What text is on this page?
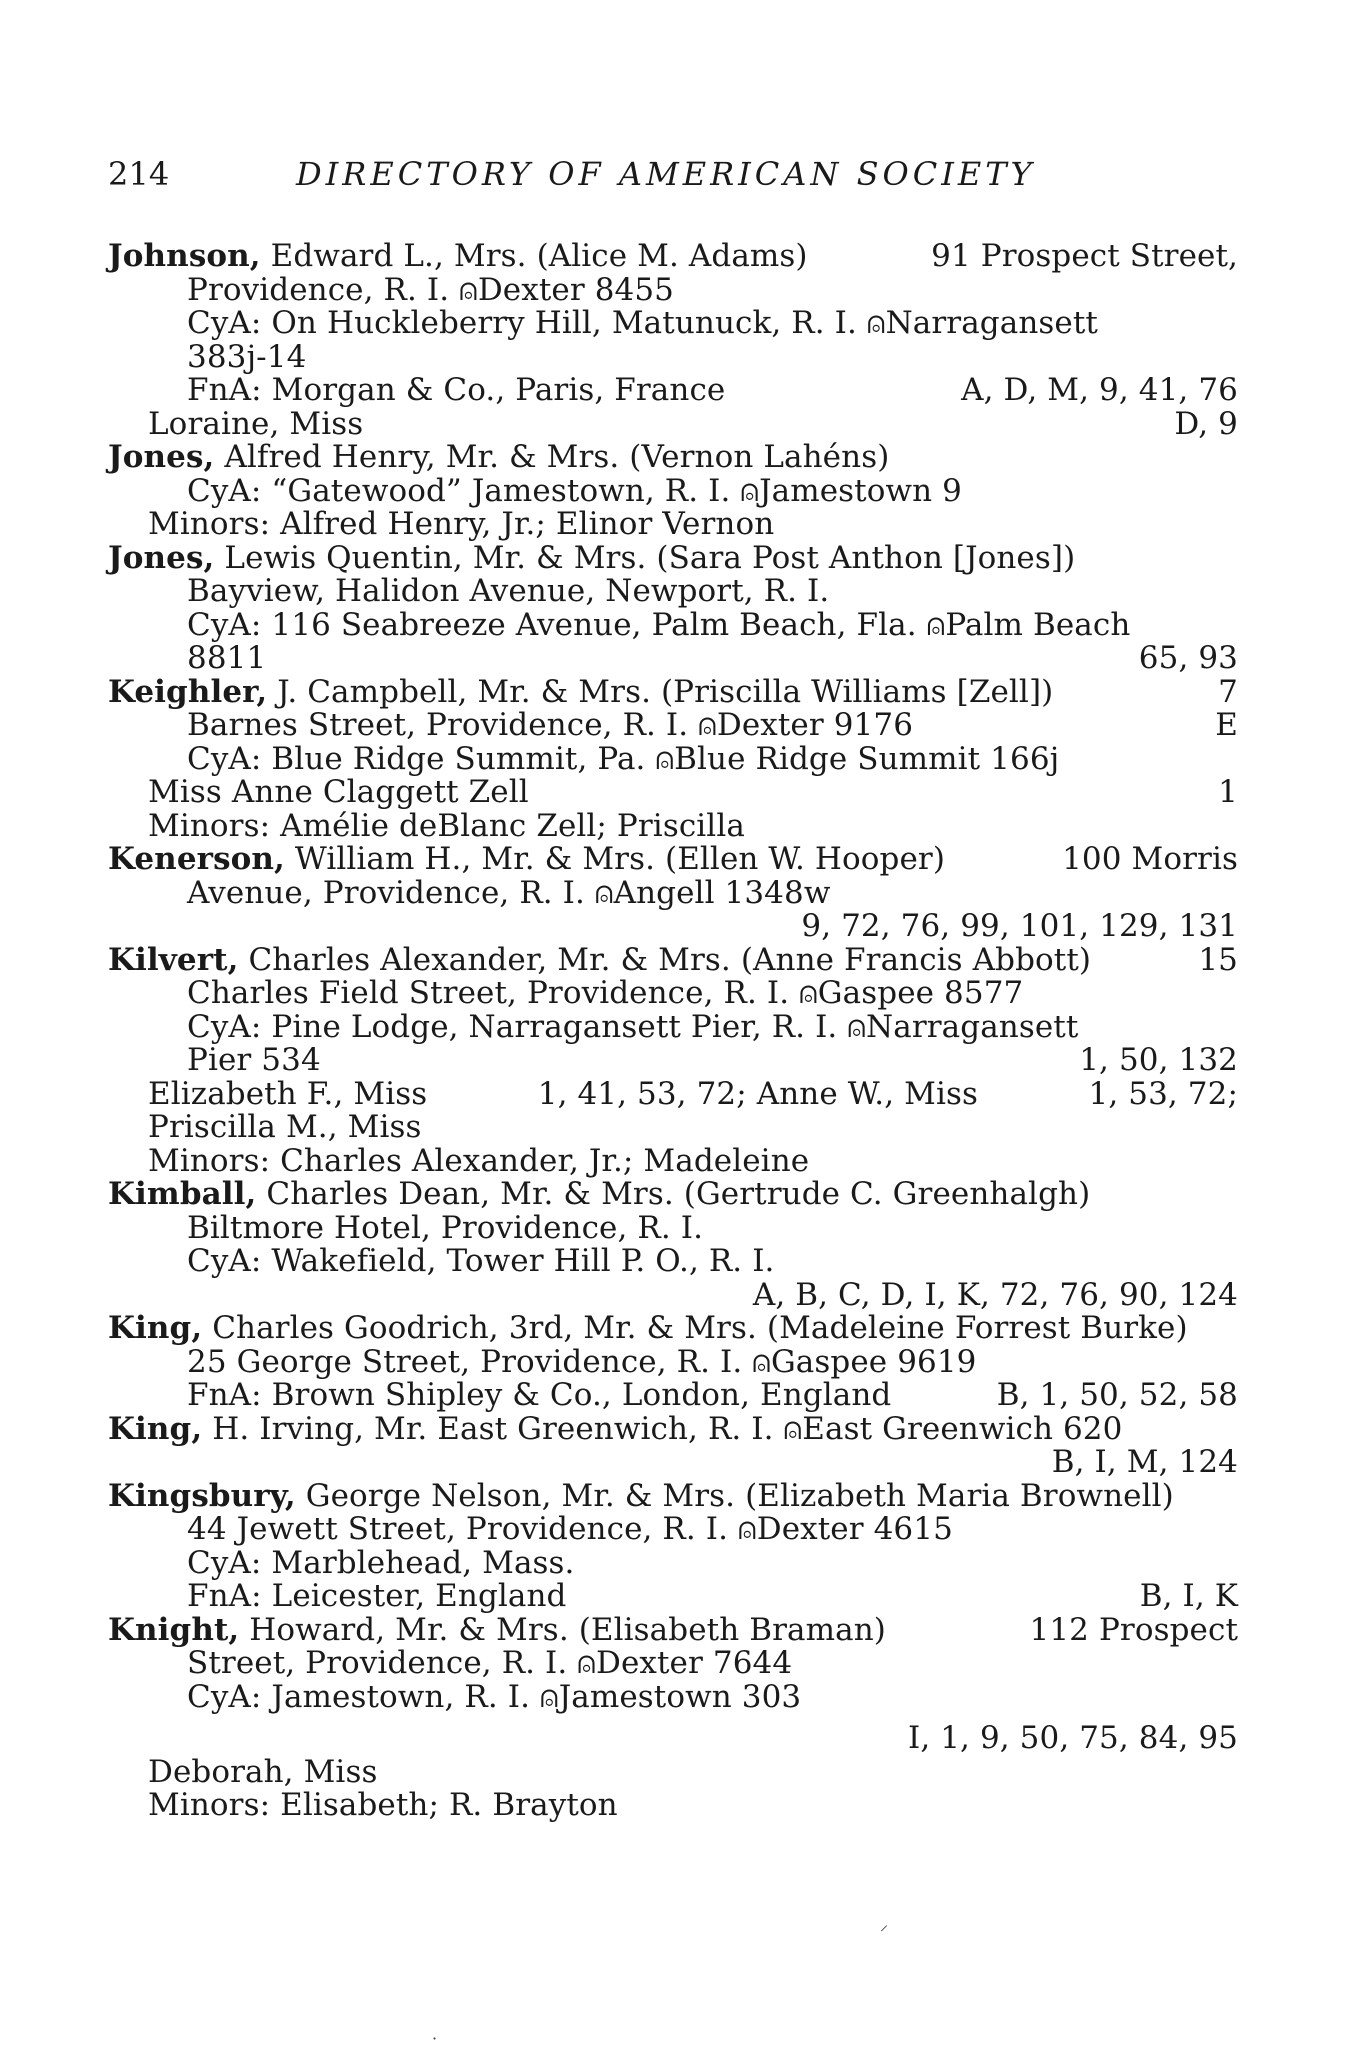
214	DIRECTORY OF AMERICAN SOCIETY
Johnson, Edward L., Mrs. (Alice M. Adams)	91 Prospect Street,
Providence, R. I. ⍝Dexter 8455
CyA: On Huckleberry Hill, Matunuck, R. I. ⍝Narragansett
383j-14
FnA: Morgan & Co., Paris, France	A, D, M, 9, 41, 76
Loraine, Miss	D, 9
Jones, Alfred Henry, Mr. & Mrs. (Vernon Lahéns)
CyA: “Gatewood” Jamestown, R. I. ⍝Jamestown 9
Minors: Alfred Henry, Jr.; Elinor Vernon
Jones, Lewis Quentin, Mr. & Mrs. (Sara Post Anthon [Jones])
Bayview, Halidon Avenue, Newport, R. I.
CyA: 116 Seabreeze Avenue, Palm Beach, Fla. ⍝Palm Beach
8811	65, 93
Keighler, J. Campbell, Mr. & Mrs. (Priscilla Williams [Zell])	7
Barnes Street, Providence, R. I. ⍝Dexter 9176	E
CyA: Blue Ridge Summit, Pa. ⍝Blue Ridge Summit 166j
Miss Anne Claggett Zell	1
Minors: Amélie deBlanc Zell; Priscilla
Kenerson, William H., Mr. & Mrs. (Ellen W. Hooper)	100 Morris
Avenue, Providence, R. I. ⍝Angell 1348w
9, 72, 76, 99, 101, 129, 131
Kilvert, Charles Alexander, Mr. & Mrs. (Anne Francis Abbott)	15
Charles Field Street, Providence, R. I. ⍝Gaspee 8577
CyA: Pine Lodge, Narragansett Pier, R. I. ⍝Narragansett
Pier 534	1, 50, 132
Elizabeth F., Miss	1, 41, 53, 72; Anne W., Miss	1, 53, 72;
Priscilla M., Miss
Minors: Charles Alexander, Jr.; Madeleine
Kimball, Charles Dean, Mr. & Mrs. (Gertrude C. Greenhalgh)
Biltmore Hotel, Providence, R. I.
CyA: Wakefield, Tower Hill P. O., R. I.
A, B, C, D, I, K, 72, 76, 90, 124
King, Charles Goodrich, 3rd, Mr. & Mrs. (Madeleine Forrest Burke)
25 George Street, Providence, R. I. ⍝Gaspee 9619
FnA: Brown Shipley & Co., London, England	B, 1, 50, 52, 58
King, H. Irving, Mr. East Greenwich, R. I. ⍝East Greenwich 620
B, I, M, 124
Kingsbury, George Nelson, Mr. & Mrs. (Elizabeth Maria Brownell)
44 Jewett Street, Providence, R. I. ⍝Dexter 4615
CyA: Marblehead, Mass.
FnA: Leicester, England	B, I, K
Knight, Howard, Mr. & Mrs. (Elisabeth Braman)	112 Prospect
Street, Providence, R. I. ⍝Dexter 7644
CyA: Jamestown, R. I. ⍝Jamestown 303
I, 1, 9, 50, 75, 84, 95
Deborah, Miss
Minors: Elisabeth; R. Brayton
⸝
·
